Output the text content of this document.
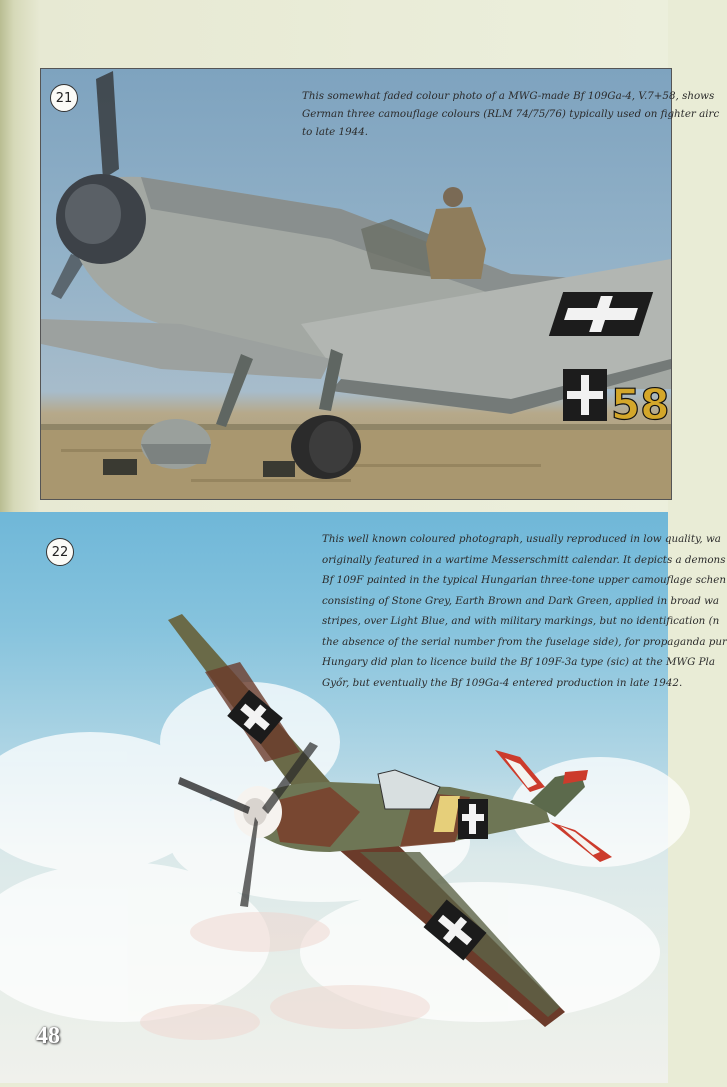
58
21	This somewhat faded colour photo of a MWG-made Bf 109Ga-4, V.7+58, shows
German three camouflage colours (RLM 74/75/76) typically used on fighter airc
to late 1944.
22
This well known coloured photograph, usually reproduced in low quality, wa
originally featured in a wartime Messerschmitt calendar. It depicts a demons
Bf 109F painted in the typical Hungarian three-tone upper camouflage schen
consisting of Stone Grey, Earth Brown and Dark Green, applied in broad wa
stripes, over Light Blue, and with military markings, but no identification (n
the absence of the serial number from the fuselage side), for propaganda pur
Hungary did plan to licence build the Bf 109F-3a type (sic) at the MWG Pla
Győr, but eventually the Bf 109Ga-4 entered production in late 1942.
48
